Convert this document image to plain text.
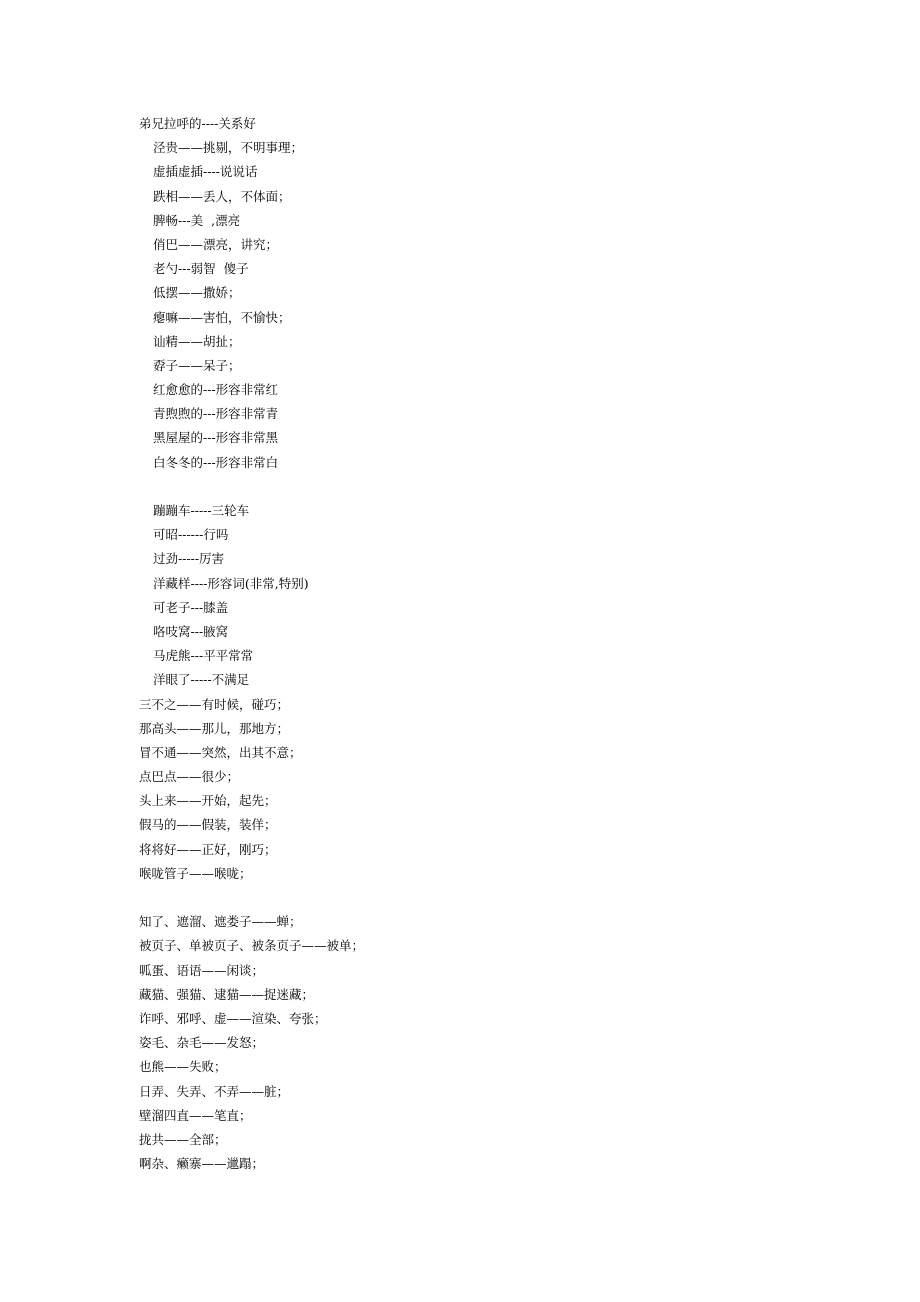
弟兄拉呼的----关系好
泾贵——挑剔，不明事理；
虚插虚插----说说话
跌相——丢人，不体面；
脾畅---美  ,漂亮
俏巴——漂亮，讲究；
老勺---弱智  傻子
低摆——撒娇；
瘪嘛——害怕，不愉快；
讪精——胡扯；
孬子——呆子；
红愈愈的---形容非常红
青煦煦的---形容非常青
黑屋屋的---形容非常黑
白冬冬的---形容非常白
蹦蹦车-----三轮车
可昭------行吗
过劲-----厉害
洋藏样----形容词(非常,特别)
可老子---膝盖
咯吱窝---腋窝
马虎熊---平平常常
洋眼了-----不满足
三不之——有时候，碰巧；
那高头——那儿，那地方；
冒不通——突然，出其不意；
点巴点——很少；
头上来——开始，起先；
假马的——假装，装佯；
将将好——正好，刚巧；
喉咙管子——喉咙；
知了、遮溜、遮娄子——蝉；
被页子、单被页子、被条页子——被单；
呱蛋、语语——闲谈；
藏猫、强猫、逮猫——捉迷藏；
诈呼、邪呼、虚——渲染、夸张；
姿毛、杂毛——发怒；
也熊——失败；
日弄、失弄、不弄——脏；
壁溜四直——笔直；
拢共——全部；
啊杂、癞寨——邋蹋；
